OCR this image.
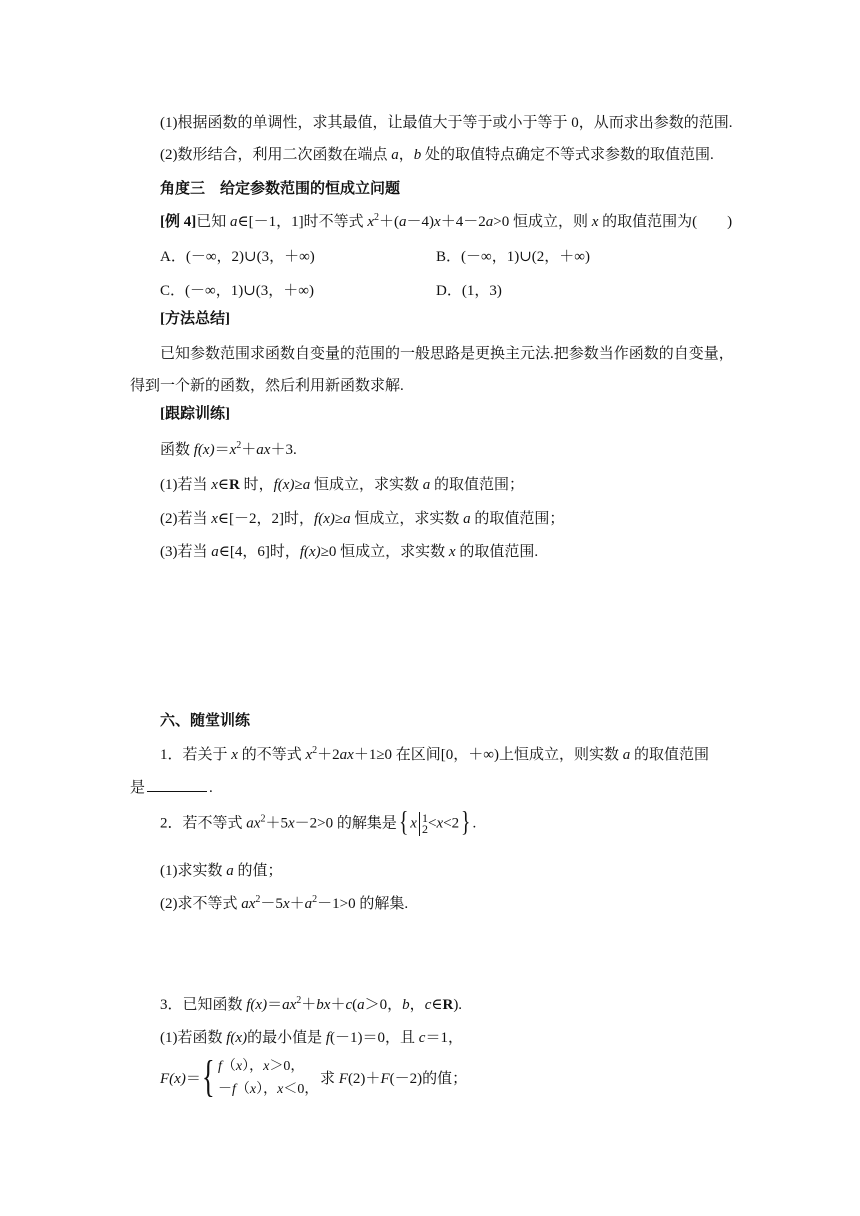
(1)根据函数的单调性，求其最值，让最值大于等于或小于等于 0，从而求出参数的范围.
(2)数形结合，利用二次函数在端点 a，b 处的取值特点确定不等式求参数的取值范围.
角度三　给定参数范围的恒成立问题
[例 4]已知 a∈[－1，1]时不等式 $x^2+(a-4)x+4-2a>0$ 恒成立，则 x 的取值范围为(　　)
A．(－∞，2)∪(3，＋∞)	B．(－∞，1)∪(2，＋∞)
C．(－∞，1)∪(3，＋∞)	D．(1，3)
[方法总结]
已知参数范围求函数自变量的范围的一般思路是更换主元法.把参数当作函数的自变量，
得到一个新的函数，然后利用新函数求解.
[跟踪训练]
函数 $f(x)=x^2+ax+3$.
(1)若当 x∈R 时，f(x)≥a 恒成立，求实数 a 的取值范围；
(2)若当 x∈[－2，2]时，f(x)≥a 恒成立，求实数 a 的取值范围；
(3)若当 a∈[4，6]时，f(x)≥0 恒成立，求实数 x 的取值范围.
六、随堂训练
1．若关于 x 的不等式 $x^2+2ax+1\ge 0$ 在区间[0，＋∞)上恒成立，则实数 a 的取值范围
是	.
2．若不等式 $ax^2+5x-2>0$ 的解集是{ x 1
2 <x<2} .
(1)求实数 a 的值；
(2)求不等式 $ax^2-5x+a^2-1>0$ 的解集.
3．已知函数 $f(x)=ax^2+bx+c(a>0$，b，c∈R).
(1)若函数 f(x)的最小值是 f(－1)＝0，且 c＝1，
F(x)＝ { f（x），x＞0，
－f（x），x＜0，
求 F(2)＋F(－2)的值；
